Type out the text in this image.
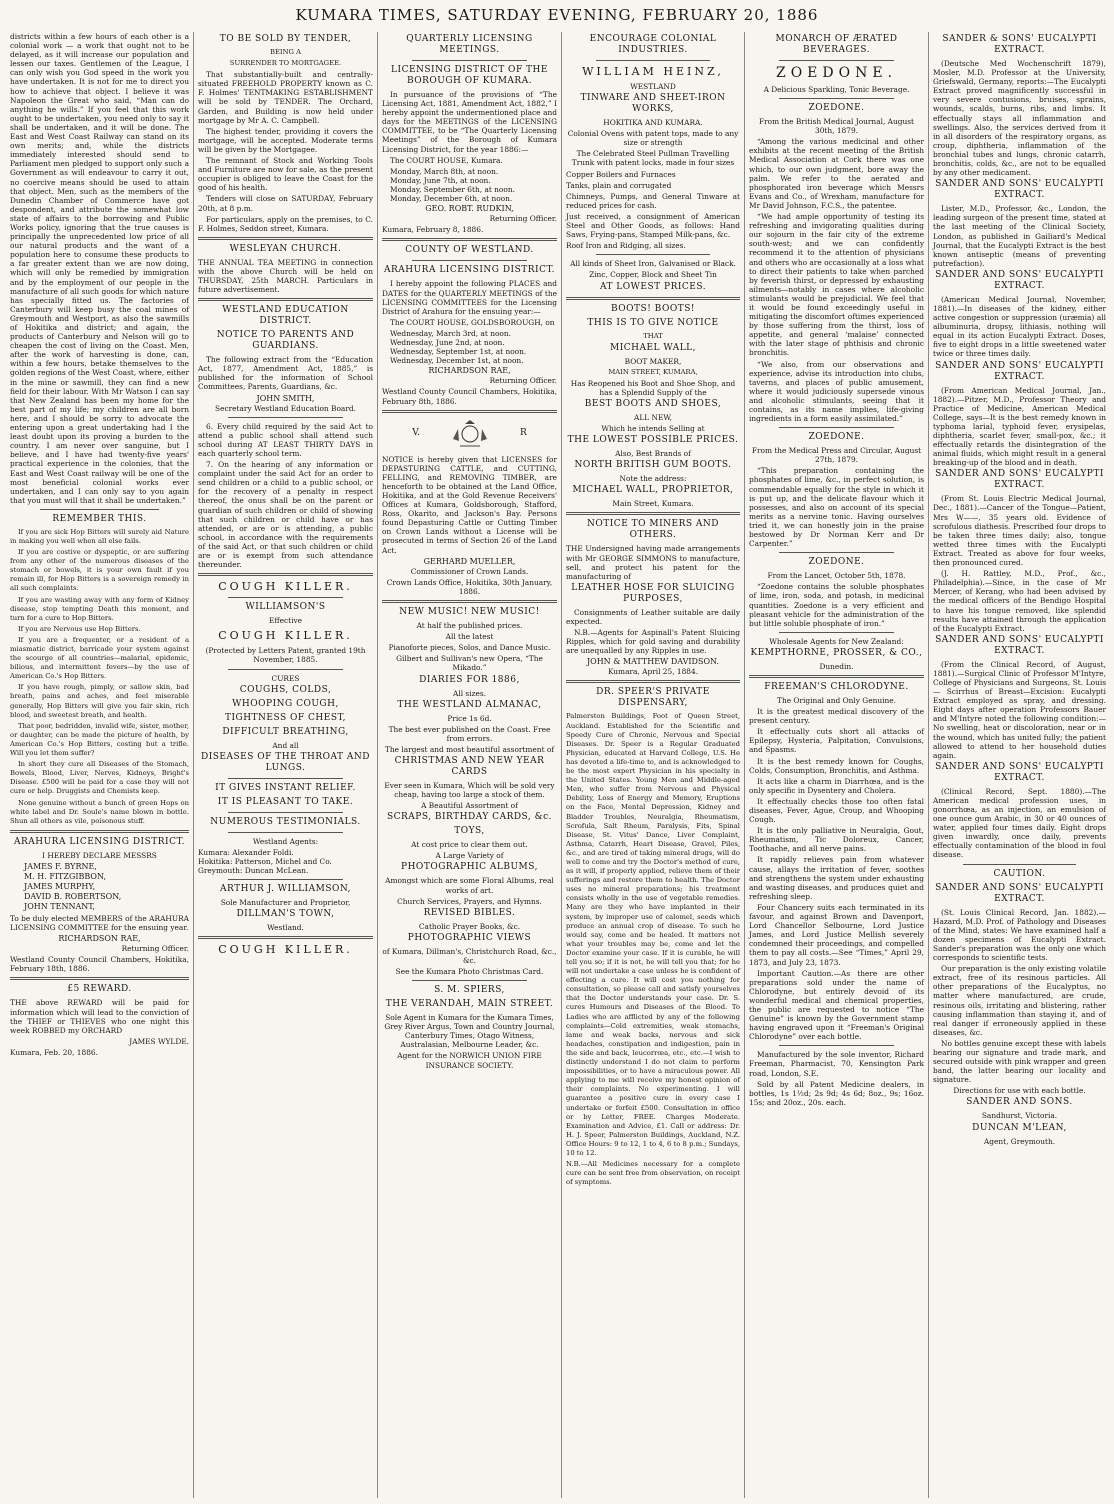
KUMARA TIMES, SATURDAY EVENING, FEBRUARY 20, 1886

districts within a few hours of each other is a colonial work — a work that ought not to be delayed, as it will increase our population and lessen our taxes. Gentlemen of the League, I can only wish you God speed in the work you have undertaken. It is not for me to direct you how to achieve that object. I believe it was Napoleon the Great who said, “Man can do anything he wills.” If you feel that this work ought to be undertaken, you need only to say it shall be undertaken, and it will be done. The East and West Coast Railway can stand on its own merits; and, while the districts immediately interested should send to Parliament men pledged to support only such a Government as will endeavour to carry it out, no coercive means should be used to attain that object. Men, such as the members of the Dunedin Chamber of Commerce have got despondent, and attribute the somewhat low state of affairs to the borrowing and Public Works policy, ignoring that the true causes is principally the unprecedented low price of all our natural products and the want of a population here to consume these products to a far greater extent than we are now doing, which will only be remedied by immigration and by the employment of our people in the manufacture of all such goods for which nature has specially fitted us. The factories of Canterbury will keep busy the coal mines of Greymouth and Westport, as also the sawmills of Hokitika and district; and again, the products of Canterbury and Nelson will go to cheapen the cost of living on the Coast. Men, after the work of harvesting is done, can, within a few hours, betake themselves to the golden regions of the West Coast, where, either in the mine or sawmill, they can find a new field for their labour. With Mr Watson I can say that New Zealand has been my home for the best part of my life; my children are all born here, and I should be sorry to advocate the entering upon a great undertaking had I the least doubt upon its proving a burden to the country. I am never over sanguine, but I believe, and I have had twenty-five years' practical experience in the colonies, that the East and West Coast railway will be one of the most beneficial colonial works ever undertaken, and I can only say to you again that you must will that it shall be undertaken.”

REMEMBER THIS.

If you are sick Hop Bitters will surely aid Nature in making you well when all else fails.

If you are costive or dyspeptic, or are suffering from any other of the numerous diseases of the stomach or bowels, it is your own fault if you remain ill, for Hop Bitters is a sovereign remedy in all such complaints.

If you are wasting away with any form of Kidney disease, stop tempting Death this moment, and turn for a cure to Hop Bitters.

If you are Nervous use Hop Bitters.

If you are a frequenter, or a resident of a miasmatic district, barricade your system against the scourge of all countries—malarial, epidemic, bilious, and intermittent fevers—by the use of American Co.'s Hop Bitters.

If you have rough, pimply, or sallow skin, bad breath, pains and aches, and feel miserable generally, Hop Bitters will give you fair skin, rich blood, and sweetest breath, and health.

That poor, bedridden, invalid wife, sister, mother, or daughter, can be made the picture of health, by American Co.'s Hop Bitters, costing but a trifle. Will you let them suffer?

In short they cure all Diseases of the Stomach, Bowels, Blood, Liver, Nerves, Kidneys, Bright's Disease. £500 will be paid for a case they will not cure or help. Druggists and Chemists keep.

None genuine without a bunch of green Hops on white label and Dr. Soule's name blown in bottle. Shun all others as vile, poisonous stuff.

ARAHURA LICENSING DISTRICT.
I HEREBY DECLARE MESSRS
JAMES F. BYRNE,
M. H. FITZGIBBON,
JAMES MURPHY,
DAVID B. ROBERTSON,
JOHN TENNANT,

To be duly elected MEMBERS of the ARAHURA LICENSING COMMITTEE for the ensuing year.

RICHARDSON RAE,
Returning Officer.

Westland County Council Chambers, Hokitika, February 18th, 1886.

£5 REWARD.

THE above REWARD will be paid for information which will lead to the conviction of the THIEF or THIEVES who one night this week ROBBED my ORCHARD

JAMES WYLDE.
Kumara, Feb. 20, 1886.
TO BE SOLD BY TENDER,
BEING A
SURRENDER TO MORTGAGEE.

That substantially-built and centrally-situated FREEHOLD PROPERTY known as C. F. Holmes' TENTMAKING ESTABLISHMENT will be sold by TENDER. The Orchard, Garden, and Building is now held under mortgage by Mr A. C. Campbell.

The highest tender, providing it covers the mortgage, will be accepted. Moderate terms will be given by the Mortgagee.

The remnant of Stock and Working Tools and Furniture are now for sale, as the present occupier is obliged to leave the Coast for the good of his health.

Tenders will close on SATURDAY, February 20th, at 8 p.m.

For particulars, apply on the premises, to C. F. Holmes, Seddon street, Kumara.

WESLEYAN CHURCH.

THE ANNUAL TEA MEETING in connection with the above Church will be held on THURSDAY, 25th MARCH. Particulars in future advertisement.

WESTLAND EDUCATION DISTRICT.
NOTICE TO PARENTS AND GUARDIANS.

The following extract from the “Education Act, 1877, Amendment Act, 1885,” is published for the information of School Committees, Parents, Guardians, &c.

JOHN SMITH,
Secretary Westland Education Board.

6. Every child required by the said Act to attend a public school shall attend such school during AT LEAST THIRTY DAYS in each quarterly school term.

7. On the hearing of any information or complaint under the said Act for an order to send children or a child to a public school, or for the recovery of a penalty in respect thereof, the onus shall be on the parent or guardian of such children or child of showing that such children or child have or has attended, or are or is attending, a public school, in accordance with the requirements of the said Act, or that such children or child are or is exempt from such attendance thereunder.

COUGH KILLER.
WILLIAMSON'S
Effective
COUGH KILLER.

(Protected by Letters Patent, granted 19th November, 1885.

CURES
COUGHS, COLDS,
WHOOPING COUGH,
TIGHTNESS OF CHEST,
DIFFICULT BREATHING,
And all
DISEASES OF THE THROAT AND LUNGS.
IT GIVES INSTANT RELIEF.
IT IS PLEASANT TO TAKE.
NUMEROUS TESTIMONIALS.
Westland Agents:
Kumara: Alexander Foldi.
Hokitika: Patterson, Michel and Co.
Greymouth: Duncan McLean.
ARTHUR J. WILLIAMSON,
Sole Manufacturer and Proprietor,
DILLMAN'S TOWN,
Westland.
COUGH KILLER.
QUARTERLY LICENSING MEETINGS.
LICENSING DISTRICT OF THE BOROUGH OF KUMARA.

In pursuance of the provisions of “The Licensing Act, 1881, Amendment Act, 1882,” I hereby appoint the undermentioned place and days for the MEETINGS of the LICENSING COMMITTEE, to be “The Quarterly Licensing Meetings” of the Borough of Kumara Licensing District, for the year 1886:—

The COURT HOUSE, Kumara.

Monday, March 8th, at noon.
Monday, June 7th, at noon.
Monday, September 6th, at noon.
Monday, December 6th, at noon.
GEO. ROBT. RUDKIN,
Returning Officer.
Kumara, February 8, 1886.
COUNTY OF WESTLAND.
ARAHURA LICENSING DISTRICT.

I hereby appoint the following PLACES and DATES for the QUARTERLY MEETINGS of the LICENSING COMMITTEES for the Licensing District of Arahura for the ensuing year:—

The COURT HOUSE, GOLDSBOROUGH, on

Wednesday, March 3rd, at noon.
Wednesday, June 2nd, at noon.
Wednesday, September 1st, at noon.
Wednesday, December 1st, at noon.
RICHARDSON RAE,
Returning Officer.

Westland County Council Chambers, Hokitika, February 8th, 1886.

V.	R

NOTICE is hereby given that LICENSES for DEPASTURING CATTLE, and CUTTING, FELLING, and REMOVING TIMBER, are henceforth to be obtained at the Land Office, Hokitika, and at the Gold Revenue Receivers' Offices at Kumara, Goldsborough, Stafford, Ross, Okarito, and Jackson's Bay. Persons found Depasturing Cattle or Cutting Timber on Crown Lands without a License will be prosecuted in terms of Section 26 of the Land Act.

GERHARD MUELLER,
Commissioner of Crown Lands.
Crown Lands Office, Hokitika, 30th January, 1886.
NEW MUSIC! NEW MUSIC!
At half the published prices.
All the latest
Pianoforte pieces, Solos, and Dance Music.
Gilbert and Sullivan's new Opera, “The Mikado.”
DIARIES FOR 1886,
All sizes.
THE WESTLAND ALMANAC,
Price 1s 6d.
The best ever published on the Coast. Free from errors.
The largest and most beautiful assortment of
CHRISTMAS AND NEW YEAR CARDS
Ever seen in Kumara, Which will be sold very cheap, having too large a stock of them.
A Beautiful Assortment of
SCRAPS, BIRTHDAY CARDS, &c.
TOYS,
At cost price to clear them out.
A Large Variety of
PHOTOGRAPHIC ALBUMS,
Amongst which are some Floral Albums, real works of art.
Church Services, Prayers, and Hymns.
REVISED BIBLES.
Catholic Prayer Books, &c.
PHOTOGRAPHIC VIEWS
of Kumara, Dillman's, Christchurch Road, &c., &c.
See the Kumara Photo Christmas Card.
S. M. SPIERS,
THE VERANDAH, MAIN STREET.

Sole Agent in Kumara for the Kumara Times, Grey River Argus, Town and Country Journal, Canterbury Times, Otago Witness, Australasian, Melbourne Leader, &c.

Agent for the NORWICH UNION FIRE INSURANCE SOCIETY.

ENCOURAGE COLONIAL INDUSTRIES.
WILLIAM HEINZ,
WESTLAND
TINWARE AND SHEET-IRON WORKS,
HOKITIKA AND KUMARA.

Colonial Ovens with patent tops, made to any size or strength

The Celebrated Steel Pullman Travelling Trunk with patent locks, made in four sizes

Copper Boilers and Furnaces

Tanks, plain and corrugated

Chimneys, Pumps, and General Tinware at reduced prices for cash.

Just received, a consignment of American Steel and Other Goods, as follows: Hand Saws, Frying-pans, Stamped Milk-pans, &c.

Roof Iron and Ridging, all sizes.

All kinds of Sheet Iron, Galvanised or Black.

Zinc, Copper, Block and Sheet Tin

AT LOWEST PRICES.
BOOTS! BOOTS!
THIS IS TO GIVE NOTICE
THAT
MICHAEL WALL,
BOOT MAKER,
MAIN STREET, KUMARA,

Has Reopened his Boot and Shoe Shop, and has a Splendid Supply of the

BEST BOOTS AND SHOES,
ALL NEW,
Which he intends Selling at
THE LOWEST POSSIBLE PRICES.
Also, Best Brands of
NORTH BRITISH GUM BOOTS.
Note the address:
MICHAEL WALL, PROPRIETOR,
Main Street, Kumara.
NOTICE TO MINERS AND OTHERS.

THE Undersigned having made arrangements with Mr GEORGE SIMMONS to manufacture, sell, and protect his patent for the manufacturing of

LEATHER HOSE FOR SLUICING PURPOSES,

Consignments of Leather suitable are daily expected.

N.B.—Agents for Aspinall's Patent Sluicing Ripples, which for gold saving and durability are unequalled by any Ripples in use.

JOHN & MATTHEW DAVIDSON.
Kumara, April 25, 1884.
DR. SPEER'S PRIVATE DISPENSARY,

Palmerston Buildings, Foot of Queen Street, Auckland. Established for the Scientific and Speedy Cure of Chronic, Nervous and Special Diseases. Dr. Speer is a Regular Graduated Physician, educated at Harvard College, U.S. He has devoted a life-time to, and is acknowledged to be the most expert Physician in his specialty in the United States. Young Men and Middle-aged Men, who suffer from Nervous and Physical Debility, Loss of Energy and Memory, Eruptions on the Face, Mental Depression, Kidney and Bladder Troubles, Neuralgia, Rheumatism, Scrofula, Salt Rheum, Paralysis, Fits, Spinal Disease, St. Vitus' Dance, Liver Complaint, Asthma, Catarrh, Heart Disease, Gravel, Piles, &c., and are tired of taking mineral drugs, will do well to come and try the Doctor's method of cure, as it will, if properly applied, relieve them of their sufferings and restore them to health. The Doctor uses no mineral preparations; his treatment consists wholly in the use of vegetable remedies. Many are they who have implanted in their system, by improper use of calomel, seeds which produce an annual crop of disease. To such he would say, come and be healed. It matters not what your troubles may be, come and let the Doctor examine your case. If it is curable, he will tell you so; if it is not, he will tell you that; for he will not undertake a case unless he is confident of effecting a cure. It will cost you nothing for consultation, so please call and satisfy yourselves that the Doctor understands your case. Dr. S. cures Humours and Diseases of the Blood. To Ladies who are afflicted by any of the following complaints—Cold extremities, weak stomachs, lame and weak backs, nervous and sick headaches, constipation and indigestion, pain in the side and back, leucorrœa, etc., etc.—I wish to distinctly understand I do not claim to perform impossibilities, or to have a miraculous power. All applying to me will receive my honest opinion of their complaints. No experimenting. I will guarantee a positive cure in every case I undertake or forfeit £500. Consultation in office or by Letter, FREE. Charges Moderate. Examination and Advice, £1. Call or address: Dr. H. J. Speer, Palmerston Buildings, Auckland, N.Z. Office Hours: 9 to 12, 1 to 4, 6 to 8 p.m.; Sundays, 10 to 12.

N.B.—All Medicines necessary for a complete cure can be sent free from observation, on receipt of symptoms.

MONARCH OF ÆRATED BEVERAGES.
ZOEDONE.
A Delicious Sparkling, Tonic Beverage.
ZOEDONE.
From the British Medical Journal, August 30th, 1879.

“Among the various medicinal and other exhibits at the recent meeting of the British Medical Association at Cork there was one which, to our own judgment, bore away the palm. We refer to the aerated and phosphorated iron beverage which Messrs Evans and Co., of Wrexham, manufacture for Mr David Johnson, F.C.S., the patentee.

“We had ample opportunity of testing its refreshing and invigorating qualities during our sojourn in the fair city of the extreme south-west; and we can confidently recommend it to the attention of physicians and others who are occasionally at a loss what to direct their patients to take when parched by feverish thirst, or depressed by exhausting ailments—notably in cases where alcoholic stimulants would be prejudicial. We feel that it would be found exceedingly useful in mitigating the discomfort oftimes experienced by those suffering from the thirst, loss of appetite, and general ‘malaise’ connected with the later stage of phthisis and chronic bronchitis.

“We also, from our observations and experience, advise its introduction into clubs, taverns, and places of public amusement, where it would judiciously supersede vinous and alcoholic stimulants, seeing that it contains, as its name implies, life-giving ingredients in a form easily assimilated.”

ZOEDONE.
From the Medical Press and Circular, August 27th, 1879.

“This preparation containing the phosphates of lime, &c., in perfect solution, is commendable equally for the style in which it is put up, and the delicate flavour which it possesses, and also on account of its special merits as a nervine tonic. Having ourselves tried it, we can honestly join in the praise bestowed by Dr Norman Kerr and Dr Carpenter.”

ZOEDONE.
From the Lancet, October 5th, 1878.

“Zoedone contains the soluble phosphates of lime, iron, soda, and potash, in medicinal quantities. Zoedone is a very efficient and pleasant vehicle for the administration of the but little soluble phosphate of iron.”

Wholesale Agents for New Zealand:
KEMPTHORNE, PROSSER, & CO.,
Dunedin.
FREEMAN'S CHLORODYNE.
The Original and Only Genuine.

It is the greatest medical discovery of the present century.

It effectually cuts short all attacks of Epilepsy, Hysteria, Palpitation, Convulsions, and Spasms.

It is the best remedy known for Coughs, Colds, Consumption, Bronchitis, and Asthma.

It acts like a charm in Diarrhœa, and is the only specific in Dysentery and Cholera.

It effectually checks those too often fatal diseases, Fever, Ague, Croup, and Whooping Cough.

It is the only palliative in Neuralgia, Gout, Rheumatism, Tic Doloreux, Cancer, Toothache, and all nerve pains.

It rapidly relieves pain from whatever cause, allays the irritation of fever, soothes and strengthens the system under exhausting and wasting diseases, and produces quiet and refreshing sleep.

Four Chancery suits each terminated in its favour, and against Brown and Davenport, Lord Chancellor Selbourne, Lord Justice James, and Lord Justice Mellish severely condemned their proceedings, and compelled them to pay all costs.—See “Times,” April 29, 1873, and July 23, 1873.

Important Caution.—As there are other preparations sold under the name of Chlorodyne, but entirely devoid of its wonderful medical and chemical properties, the public are requested to notice “The Genuine” is known by the Government stamp having engraved upon it “Freeman's Original Chlorodyne” over each bottle.

Manufactured by the sole inventor, Richard Freeman, Pharmacist, 70, Kensington Park road, London, S.E.

Sold by all Patent Medicine dealers, in bottles, 1s 1½d; 2s 9d; 4s 6d; 8oz., 9s; 16oz. 15s; and 20oz., 20s. each.

SANDER & SONS' EUCALYPTI EXTRACT.

(Deutsche Med Wochenschrift 1879), Mosler, M.D. Professor at the University, Griefswald, Germany, reports:—The Eucalypti Extract proved magnificently successful in very severe contusions, bruises, sprains, wounds, scalds, burns, ribs, and limbs. It effectually stays all inflammation and swellings. Also, the services derived from it in all disorders of the respiratory organs, as croup, diphtheria, inflammation of the bronchial tubes and lungs, chronic catarrh, bronchitis, colds, &c., are not to be equalled by any other medicament.

SANDER AND SONS' EUCALYPTI EXTRACT.

Lister, M.D., Professor, &c., London, the leading surgeon of the present time, stated at the last meeting of the Clinical Society, London, as published in Gailiard's Medical Journal, that the Eucalypti Extract is the best known antiseptic (means of preventing putrefaction).

SANDER AND SONS' EUCALYPTI EXTRACT.

(American Medical Journal, November, 1881).—In diseases of the kidney, either active congestion or suppression (uræmia) all albuminuria, dropsy, lithiasis, nothing will equal in its action Eucalypti Extract. Doses, five to eight drops in a little sweetened water twice or three times daily.

SANDER AND SONS' EUCALYPTI EXTRACT.

(From American Medical Journal, Jan., 1882).—Pitzer, M.D., Professor Theory and Practice of Medicine, American Medical College, says—It is the best remedy known in typhoma larial, typhoid fever, erysipelas, diphtheria, scarlet fever, small-pox, &c.; it effectually retards the disintegration of the animal fluids, which might result in a general breaking-up of the blood and in death.

SANDER AND SONS' EUCALYPTI EXTRACT.

(From St. Louis Electric Medical Journal, Dec., 1881).—Cancer of the Tongue—Patient, Mrs W——, 35 years old. Evidence of scrofulous diathesis. Prescribed four drops to be taken three times daily; also, tongue wetted three times with the Eucalypti Extract. Treated as above for four weeks, then pronounced cured.

(J. H. Rattley, M.D., Prof., &c., Philadelphia).—Since, in the case of Mr Mercer, of Kerang, who had been advised by the medical officers of the Bendigo Hospital to have his tongue removed, like splendid results have attained through the application of the Eucalypti Extract.

SANDER AND SONS' EUCALYPTI EXTRACT.

(From the Clinical Record, of August, 1881).—Surgical Clinic of Professor M'Intyre, College of Physicians and Surgeons, St. Louis — Scirrhus of Breast—Excision: Eucalypti Extract employed as spray, and dressing. Eight days after operation Professors Bauer and M'Intyre noted the following condition:—No swelling, heat or discoloration, near or in the wound, which has united fully; the patient allowed to attend to her household duties again.

SANDER AND SONS' EUCALYPTI EXTRACT.

(Clinical Record, Sept. 1880).—The American medical profession uses, in gonorrhœa, as an injection, an emulsion of one ounce gum Arabic, in 30 or 40 ounces of water, applied four times daily. Eight drops given inwardly, once daily, prevents effectually contamination of the blood in foul disease.

CAUTION.
SANDER AND SONS' EUCALYPTI EXTRACT.

(St. Louis Clinical Record, Jan. 1882).—Hazard, M.D. Prof. of Pathology and Diseases of the Mind, states: We have examined half a dozen specimens of Eucalypti Extract. Sander's preparation was the only one which corresponds to scientific tests.

Our preparation is the only existing volatile extract, free of its resinous particles. All other preparations of the Eucalyptus, no matter where manufactured, are crude, resinous oils, irritating and blistering, rather causing inflammation than staying it, and of real danger if erroneously applied in these diseases, &c.

No bottles genuine except these with labels bearing our signature and trade mark, and secured outside with pink wrapper and green band, the latter bearing our locality and signature.

Directions for use with each bottle.
SANDER AND SONS.
Sandhurst, Victoria.
DUNCAN M'LEAN,
Agent, Greymouth.
